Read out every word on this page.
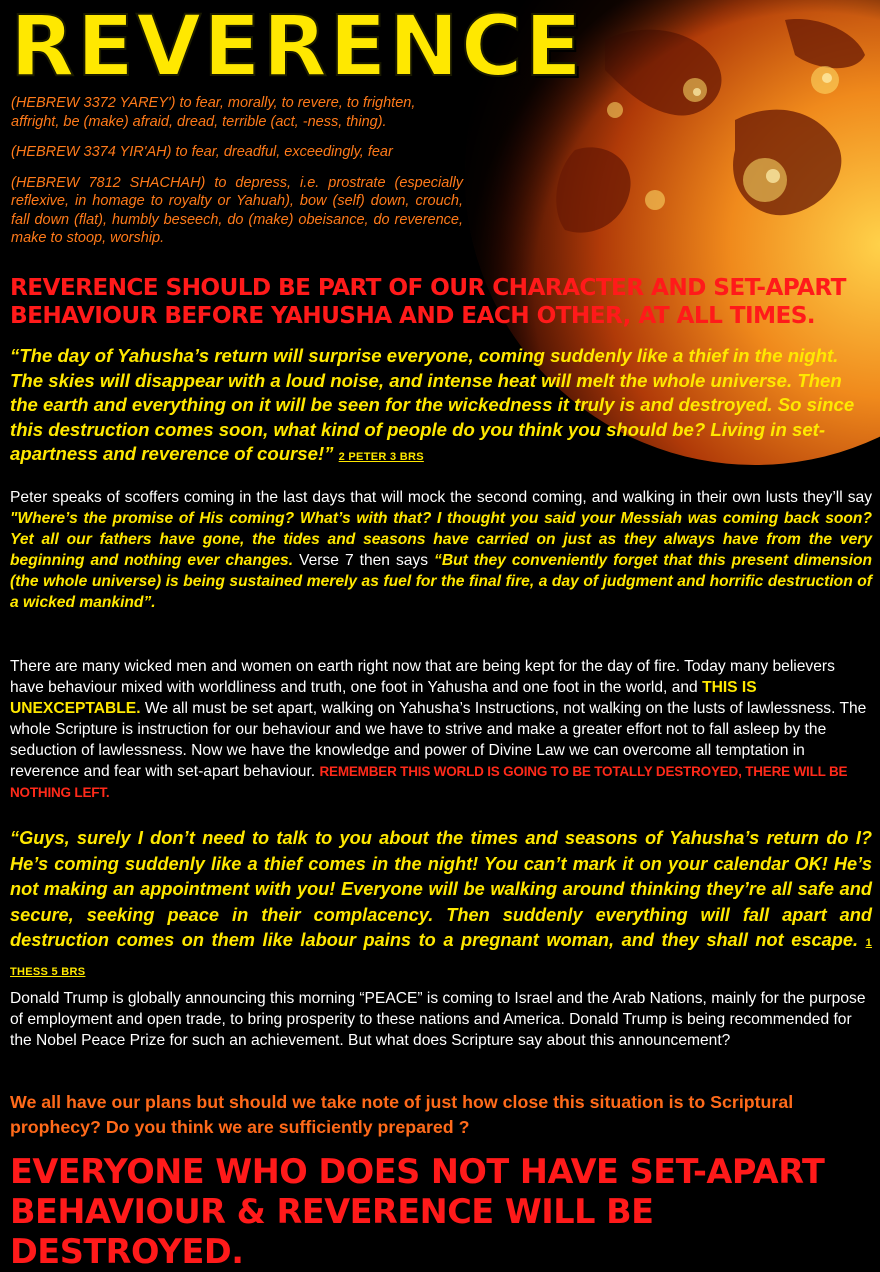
REVERENCE

(HEBREW 3372 YAREY') to fear, morally, to revere, to frighten, affright, be (make) afraid, dread, terrible (act, -ness, thing).

(HEBREW 3374 YIR'AH) to fear, dreadful, exceedingly, fear

(HEBREW 7812 SHACHAH) to depress, i.e. prostrate (especially reflexive, in homage to royalty or Yahuah), bow (self) down, crouch, fall down (flat), humbly beseech, do (make) obeisance, do reverence, make to stoop, worship.

REVERENCE SHOULD BE PART OF OUR CHARACTER AND SET-APART BEHAVIOUR BEFORE YAHUSHA AND EACH OTHER, AT ALL TIMES.
“The day of Yahusha’s return will surprise everyone, coming suddenly like a thief in the night. The skies will disappear with a loud noise, and intense heat will melt the whole universe. Then the earth and everything on it will be seen for the wickedness it truly is and destroyed. So since this destruction comes soon, what kind of people do you think you should be? Living in set-apartness and reverence of course!” 2 PETER 3 BRS
Peter speaks of scoffers coming in the last days that will mock the second coming, and walking in their own lusts they’ll say "Where’s the promise of His coming? What’s with that? I thought you said your Messiah was coming back soon? Yet all our fathers have gone, the tides and seasons have carried on just as they always have from the very beginning and nothing ever changes. Verse 7 then says “But they conveniently forget that this present dimension (the whole universe) is being sustained merely as fuel for the final fire, a day of judgment and horrific destruction of a wicked mankind”.
There are many wicked men and women on earth right now that are being kept for the day of fire. Today many believers have behaviour mixed with worldliness and truth, one foot in Yahusha and one foot in the world, and THIS IS UNEXCEPTABLE. We all must be set apart, walking on Yahusha’s Instructions, not walking on the lusts of lawlessness. The whole Scripture is instruction for our behaviour and we have to strive and make a greater effort not to fall asleep by the seduction of lawlessness. Now we have the knowledge and power of Divine Law we can overcome all temptation in reverence and fear with set-apart behaviour. REMEMBER THIS WORLD IS GOING TO BE TOTALLY DESTROYED, THERE WILL BE NOTHING LEFT.
“Guys, surely I don’t need to talk to you about the times and seasons of Yahusha’s return do I? He’s coming suddenly like a thief comes in the night! You can’t mark it on your calendar OK! He’s not making an appointment with you! Everyone will be walking around thinking they’re all safe and secure, seeking peace in their complacency. Then suddenly everything will fall apart and destruction comes on them like labour pains to a pregnant woman, and they shall not escape. 1 THESS 5 BRS
Donald Trump is globally announcing this morning “PEACE” is coming to Israel and the Arab Nations, mainly for the purpose of employment and open trade, to bring prosperity to these nations and America. Donald Trump is being recommended for the Nobel Peace Prize for such an achievement. But what does Scripture say about this announcement?
We all have our plans but should we take note of just how close this situation is to Scriptural prophecy? Do you think we are sufficiently prepared ?
EVERYONE WHO DOES NOT HAVE SET-APART BEHAVIOUR & REVERENCE WILL BE DESTROYED.
